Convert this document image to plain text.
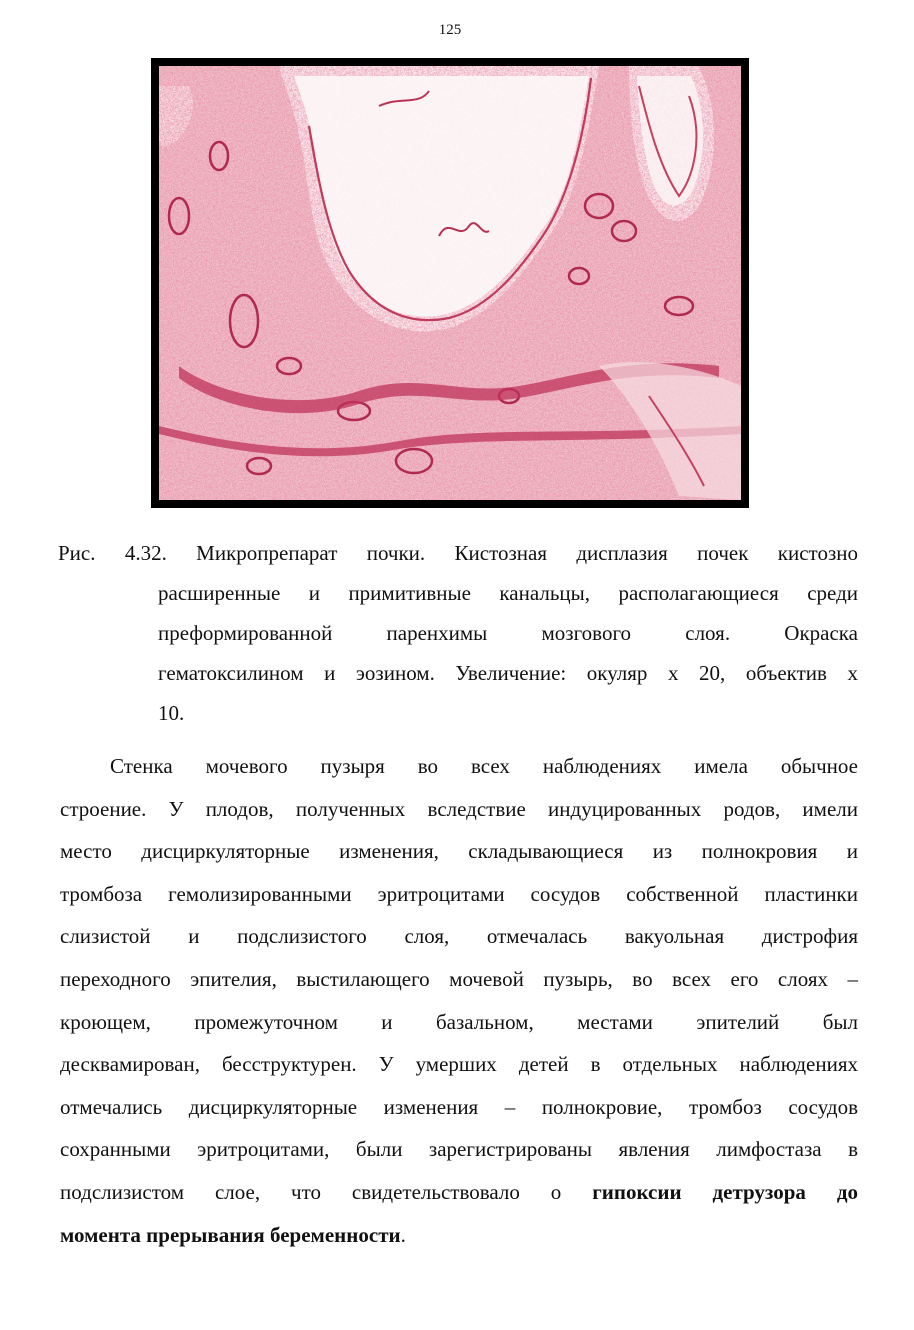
125
Рис. 4.32. Микропрепарат почки. Кистозная дисплазия почек кистозно
расширенные и примитивные канальцы, располагающиеся среди
преформированной паренхимы мозгового слоя. Окраска
гематоксилином и эозином. Увеличение: окуляр х 20, объектив х
10.
Стенка мочевого пузыря во всех наблюдениях имела обычное
строение. У плодов, полученных вследствие индуцированных родов, имели
место дисциркуляторные изменения, складывающиеся из полнокровия и
тромбоза гемолизированными эритроцитами сосудов собственной пластинки
слизистой и подслизистого слоя, отмечалась вакуольная дистрофия
переходного эпителия, выстилающего мочевой пузырь, во всех его слоях –
кроющем, промежуточном и базальном, местами эпителий был
десквамирован, бесструктурен. У умерших детей в отдельных наблюдениях
отмечались дисциркуляторные изменения – полнокровие, тромбоз сосудов
сохранными эритроцитами, были зарегистрированы явления лимфостаза в
подслизистом слое, что свидетельствовало о гипоксии детрузора до
момента прерывания беременности.
